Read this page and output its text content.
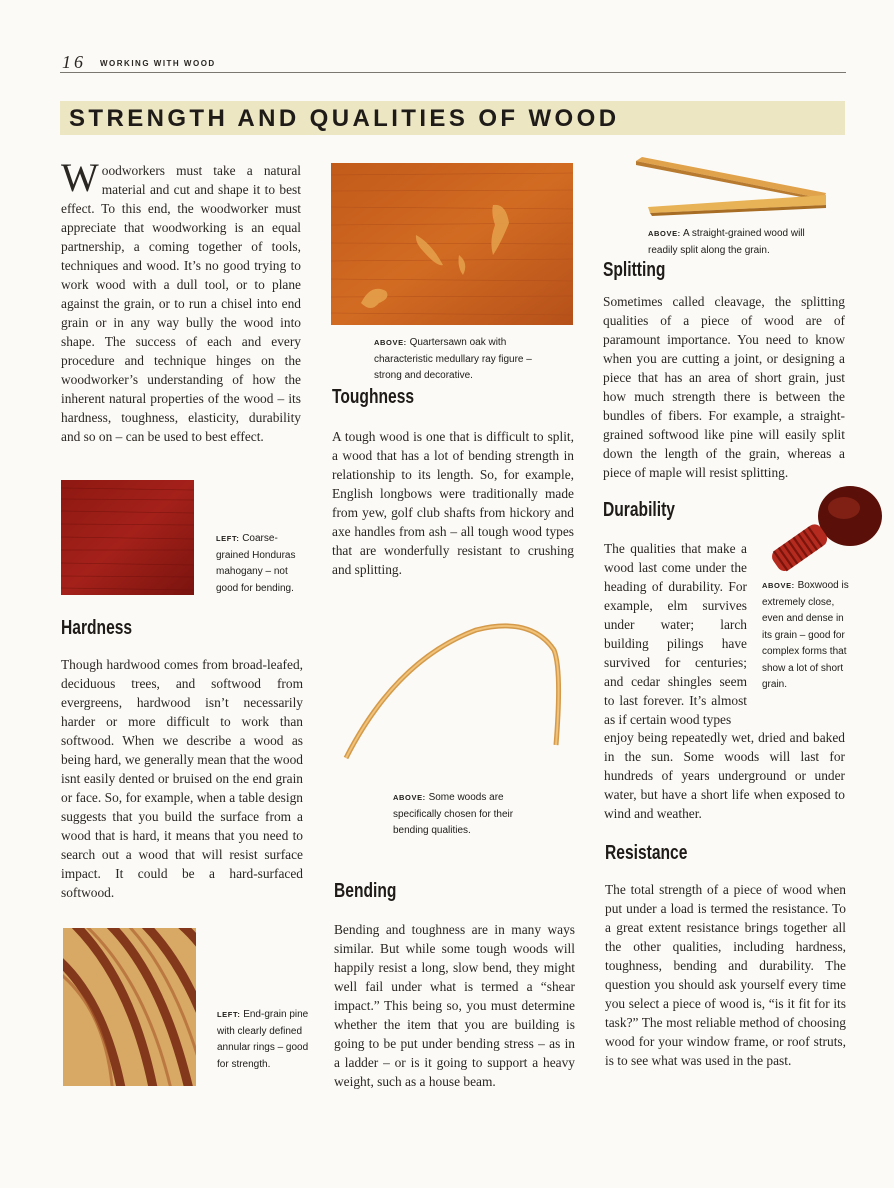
16 WORKING WITH WOOD
STRENGTH AND QUALITIES OF WOOD
Woodworkers must take a natural material and cut and shape it to best effect. To this end, the woodworker must appreciate that woodworking is an equal partnership, a coming together of tools, techniques and wood. It’s no good trying to work wood with a dull tool, or to plane against the grain, or to run a chisel into end grain or in any way bully the wood into shape. The success of each and every procedure and technique hinges on the woodworker’s understanding of how the inherent natural properties of the wood – its hardness, toughness, elasticity, durability and so on – can be used to best effect.
LEFT: Coarse-grained Honduras mahogany – not good for bending.
Hardness
Though hardwood comes from broad-leafed, deciduous trees, and softwood from evergreens, hardwood isn’t necessarily harder or more difficult to work than softwood. When we describe a wood as being hard, we generally mean that the wood isnt easily dented or bruised on the end grain or face. So, for example, when a table design suggests that you build the surface from a wood that is hard, it means that you need to search out a wood that will resist surface impact. It could be a hard-surfaced softwood.
LEFT: End-grain pine with clearly defined annular rings – good for strength.
ABOVE: Quartersawn oak with characteristic medullary ray figure – strong and decorative.
Toughness
A tough wood is one that is difficult to split, a wood that has a lot of bending strength in relationship to its length. So, for example, English longbows were traditionally made from yew, golf club shafts from hickory and axe handles from ash – all tough wood types that are wonderfully resistant to crushing and splitting.
ABOVE: Some woods are specifically chosen for their bending qualities.
Bending
Bending and toughness are in many ways similar. But while some tough woods will happily resist a long, slow bend, they might well fail under what is termed a “shear impact.” This being so, you must determine whether the item that you are building is going to be put under bending stress – as in a ladder – or is it going to support a heavy weight, such as a house beam.
ABOVE: A straight-grained wood will readily split along the grain.
Splitting
Sometimes called cleavage, the splitting qualities of a piece of wood are of paramount importance. You need to know when you are cutting a joint, or designing a piece that has an area of short grain, just how much strength there is between the bundles of fibers. For example, a straight-grained softwood like pine will easily split down the length of the grain, whereas a piece of maple will resist splitting.
Durability
The qualities that make a wood last come under the heading of durability. For example, elm survives under water; larch building pilings have survived for centuries; and cedar shingles seem to last forever. It’s almost as if certain wood types
ABOVE: Boxwood is extremely close, even and dense in its grain – good for complex forms that show a lot of short grain.
enjoy being repeatedly wet, dried and baked in the sun. Some woods will last for hundreds of years underground or under water, but have a short life when exposed to wind and weather.
Resistance
The total strength of a piece of wood when put under a load is termed the resistance. To a great extent resistance brings together all the other qualities, including hardness, toughness, bending and durability. The question you should ask yourself every time you select a piece of wood is, “is it fit for its task?” The most reliable method of choosing wood for your window frame, or roof struts, is to see what was used in the past.
